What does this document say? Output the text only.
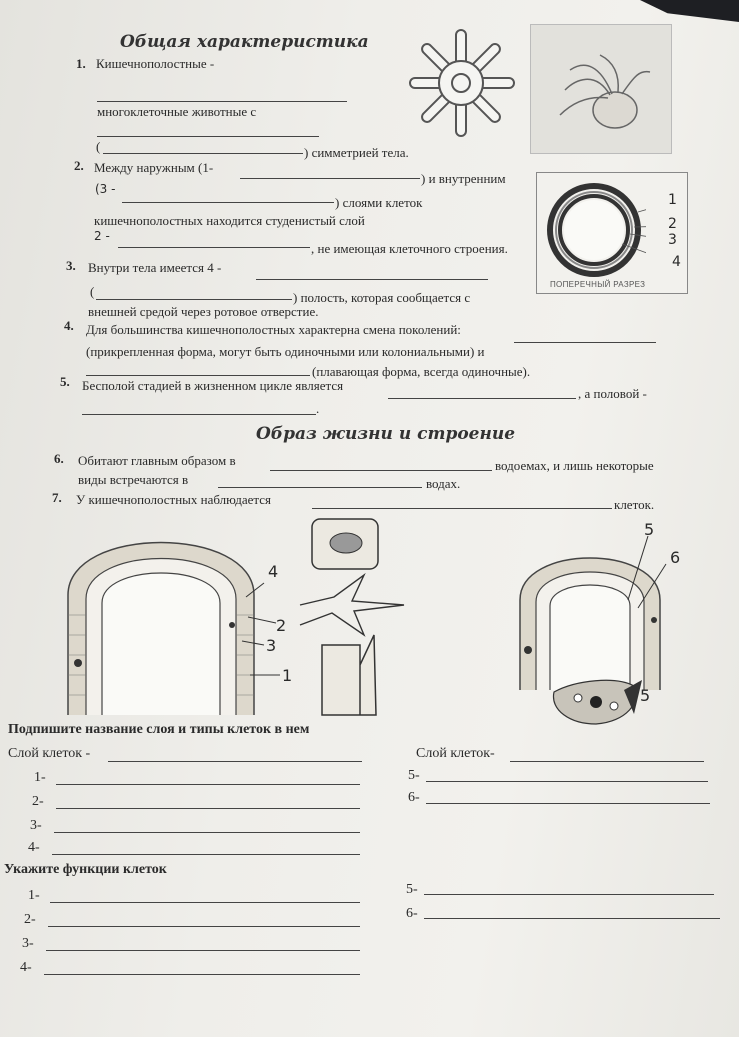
Общая характеристика
1. Кишечнополостные -
многоклеточные животные с
(	) симметрией тела.
2. Между наружным (1-
) и внутренним
(3 -
) слоями клеток
кишечнополостных находится студенистый слой
2 -
, не имеющая клеточного строения.
3. Внутри тела имеется 4 -
(	) полость, которая сообщается с
внешней средой через ротовое отверстие.
4. Для большинства кишечнополостных характерна смена поколений:
(прикрепленная форма, могут быть одиночными или колониальными) и
(плавающая форма, всегда одиночные).
5. Бесполой стадией в жизненном цикле является
, а половой -
.
Образ жизни и строение
6. Обитают главным образом в	водоемах, и лишь некоторые
виды встречаются в	водах.
7. У кишечнополостных наблюдается	клеток.
1
2
3
4
ПОПЕРЕЧНЫЙ РАЗРЕЗ
4
2
3
1
5
6
5
Подпишите название слоя и типы клеток в нем
Слой клеток -	Слой клеток-
1-
2-
3-
4-
5-
6-
Укажите функции клеток
1-
2-
3-
4-
5-
6-
